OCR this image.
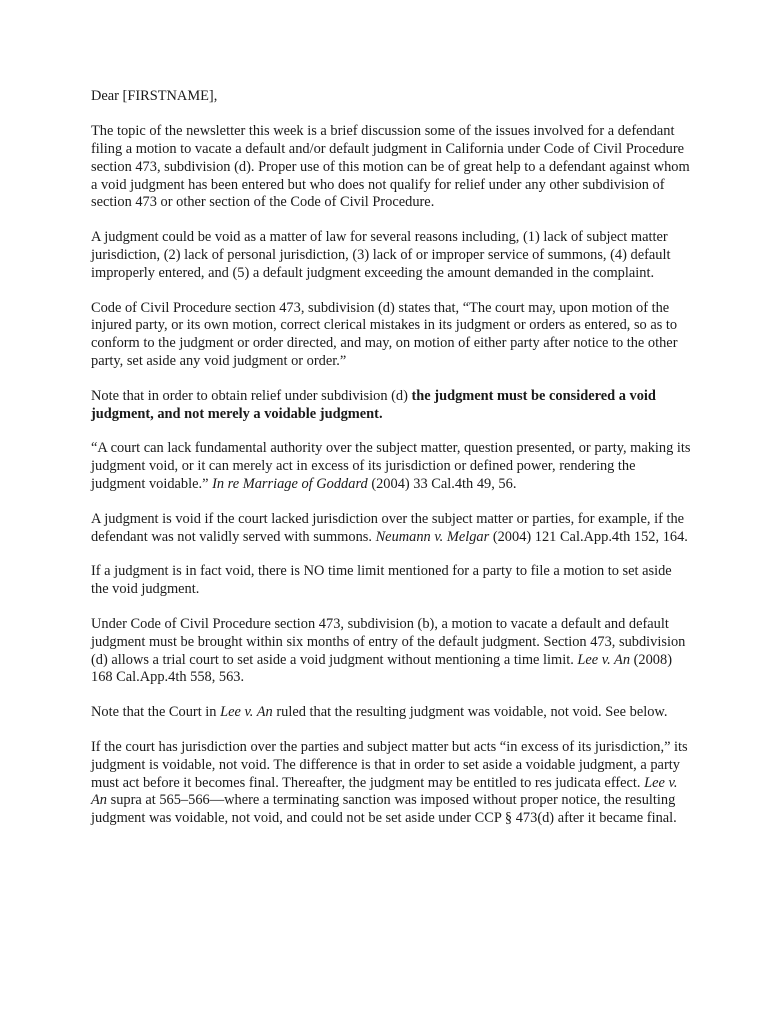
Dear [FIRSTNAME],

The topic of the newsletter this week is a brief discussion some of the issues involved for a defendant filing a motion to vacate a default and/or default judgment in California under Code of Civil Procedure section 473, subdivision (d). Proper use of this motion can be of great help to a defendant against whom a void judgment has been entered but who does not qualify for relief under any other subdivision of section 473 or other section of the Code of Civil Procedure.

A judgment could be void as a matter of law for several reasons including, (1) lack of subject matter jurisdiction, (2) lack of personal jurisdiction, (3) lack of or improper service of summons, (4) default improperly entered, and (5) a default judgment exceeding the amount demanded in the complaint.

Code of Civil Procedure section 473, subdivision (d) states that, “The court may, upon motion of the injured party, or its own motion, correct clerical mistakes in its judgment or orders as entered, so as to conform to the judgment or order directed, and may, on motion of either party after notice to the other party, set aside any void judgment or order.”

Note that in order to obtain relief under subdivision (d) the judgment must be considered a void judgment, and not merely a voidable judgment.

“A court can lack fundamental authority over the subject matter, question presented, or party, making its judgment void, or it can merely act in excess of its jurisdiction or defined power, rendering the judgment voidable.” In re Marriage of Goddard (2004) 33 Cal.4th 49, 56.

A judgment is void if the court lacked jurisdiction over the subject matter or parties, for example, if the defendant was not validly served with summons. Neumann v. Melgar (2004) 121 Cal.App.4th 152, 164.

If a judgment is in fact void, there is NO time limit mentioned for a party to file a motion to set aside the void judgment.

Under Code of Civil Procedure section 473, subdivision (b), a motion to vacate a default and default judgment must be brought within six months of entry of the default judgment. Section 473, subdivision (d) allows a trial court to set aside a void judgment without mentioning a time limit. Lee v. An (2008) 168 Cal.App.4th 558, 563.

Note that the Court in Lee v. An ruled that the resulting judgment was voidable, not void. See below.

If the court has jurisdiction over the parties and subject matter but acts “in excess of its jurisdiction,” its judgment is voidable, not void. The difference is that in order to set aside a voidable judgment, a party must act before it becomes final. Thereafter, the judgment may be entitled to res judicata effect. Lee v. An supra at 565–566—where a terminating sanction was imposed without proper notice, the resulting judgment was voidable, not void, and could not be set aside under CCP § 473(d) after it became final.
